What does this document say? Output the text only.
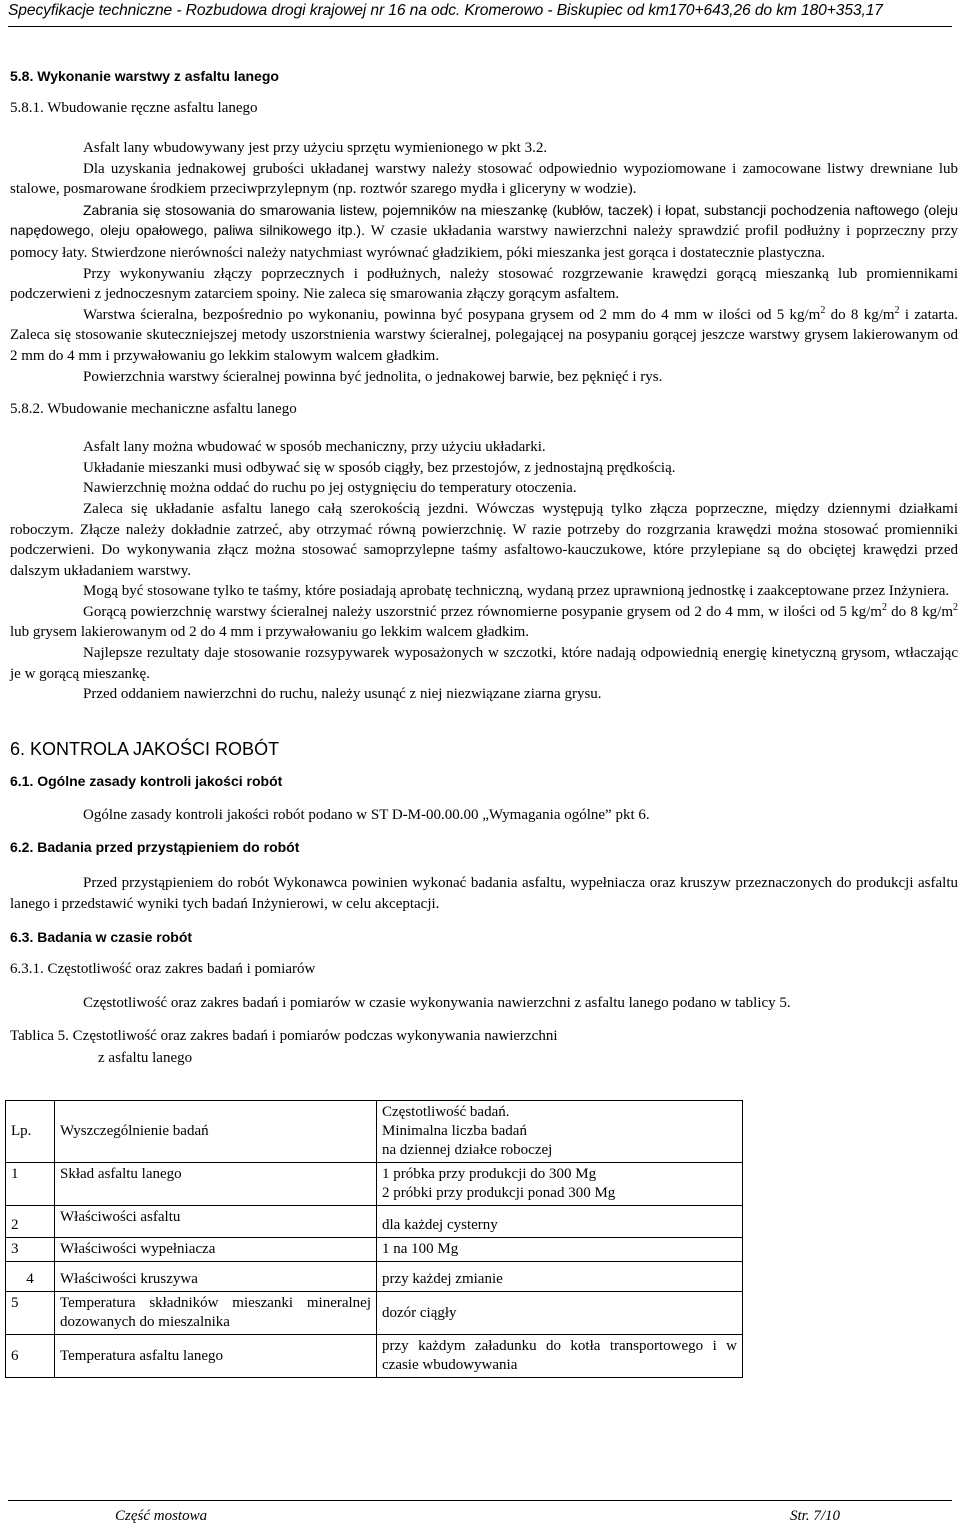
Specyfikacje techniczne - Rozbudowa drogi krajowej nr 16 na odc. Kromerowo - Biskupiec od km170+643,26 do km 180+353,17
5.8. Wykonanie warstwy z asfaltu lanego
5.8.1. Wbudowanie ręczne asfaltu lanego

Asfalt lany wbudowywany jest przy użyciu sprzętu wymienionego w pkt 3.2.

Dla uzyskania jednakowej grubości układanej warstwy należy stosować odpowiednio wypoziomowane i zamocowane listwy drewniane lub stalowe, posmarowane środkiem przeciwprzylepnym (np. roztwór szarego mydła i gliceryny w wodzie).

Zabrania się stosowania do smarowania listew, pojemników na mieszankę (kubłów, taczek) i łopat, substancji pochodzenia naftowego (oleju napędowego, oleju opałowego, paliwa silnikowego itp.). W czasie układania warstwy nawierzchni należy sprawdzić profil podłużny i poprzeczny przy pomocy łaty. Stwierdzone nierówności należy natychmiast wyrównać gładzikiem, póki mieszanka jest gorąca i dostatecznie plastyczna.

Przy wykonywaniu złączy poprzecznych i podłużnych, należy stosować rozgrzewanie krawędzi gorącą mieszanką lub promiennikami podczerwieni z jednoczesnym zatarciem spoiny. Nie zaleca się smarowania złączy gorącym asfaltem.

Warstwa ścieralna, bezpośrednio po wykonaniu, powinna być posypana grysem od 2 mm do 4 mm w ilości od 5 $kg/m^2$ do 8 $kg/m^2$ i zatarta. Zaleca się stosowanie skuteczniejszej metody uszorstnienia warstwy ścieralnej, polegającej na posypaniu gorącej jeszcze warstwy grysem lakierowanym od 2 mm do 4 mm i przywałowaniu go lekkim stalowym walcem gładkim.

Powierzchnia warstwy ścieralnej powinna być jednolita, o jednakowej barwie, bez pęknięć i rys.

5.8.2. Wbudowanie mechaniczne asfaltu lanego

Asfalt lany można wbudować w sposób mechaniczny, przy użyciu układarki.

Układanie mieszanki musi odbywać się w sposób ciągły, bez przestojów, z jednostajną prędkością.

Nawierzchnię można oddać do ruchu po jej ostygnięciu do temperatury otoczenia.

Zaleca się układanie asfaltu lanego całą szerokością jezdni. Wówczas występują tylko złącza poprzeczne, między dziennymi działkami roboczym. Złącze należy dokładnie zatrzeć, aby otrzymać równą powierzchnię. W razie potrzeby do rozgrzania krawędzi można stosować promienniki podczerwieni. Do wykonywania złącz można stosować samoprzylepne taśmy asfaltowo-kauczukowe, które przylepiane są do obciętej krawędzi przed dalszym układaniem warstwy.

Mogą być stosowane tylko te taśmy, które posiadają aprobatę techniczną, wydaną przez uprawnioną jednostkę i zaakceptowane przez Inżyniera.

Gorącą powierzchnię warstwy ścieralnej należy uszorstnić przez równomierne posypanie grysem od 2 do 4 mm, w ilości od 5 $kg/m^2$ do 8 $kg/m^2$ lub grysem lakierowanym od 2 do 4 mm i przywałowaniu go lekkim walcem gładkim.

Najlepsze rezultaty daje stosowanie rozsypywarek wyposażonych w szczotki, które nadają odpowiednią energię kinetyczną grysom, wtłaczając je w gorącą mieszankę.

Przed oddaniem nawierzchni do ruchu, należy usunąć z niej niezwiązane ziarna grysu.

6. KONTROLA JAKOŚCI ROBÓT
6.1. Ogólne zasady kontroli jakości robót

Ogólne zasady kontroli jakości robót podano w ST D-M-00.00.00 „Wymagania ogólne” pkt 6.

6.2. Badania przed przystąpieniem do robót

Przed przystąpieniem do robót Wykonawca powinien wykonać badania asfaltu, wypełniacza oraz kruszyw przeznaczonych do produkcji asfaltu lanego i przedstawić wyniki tych badań Inżynierowi, w celu akceptacji.

6.3. Badania w czasie robót
6.3.1. Częstotliwość oraz zakres badań i pomiarów

Częstotliwość oraz zakres badań i pomiarów w czasie wykonywania nawierzchni z asfaltu lanego podano w tablicy 5.

Tablica 5. Częstotliwość oraz zakres badań i pomiarów podczas wykonywania nawierzchni
z asfaltu lanego
Lp.	Wyszczególnienie badań	Częstotliwość badań.
Minimalna liczba badań
na dziennej działce roboczej

1	Skład asfaltu lanego	1 próbka przy produkcji do 300 Mg
2 próbki przy produkcji ponad 300 Mg

2	Właściwości asfaltu	dla każdej cysterny
3	Właściwości wypełniacza	1 na 100 Mg
4	Właściwości kruszywa	przy każdej zmianie
5	Temperatura składników mieszanki mineralnej dozowanych do mieszalnika	dozór ciągły
6	Temperatura asfaltu lanego	przy każdym załadunku do kotła transportowego i w czasie wbudowywania
Część mostowa	Str. 7/10
